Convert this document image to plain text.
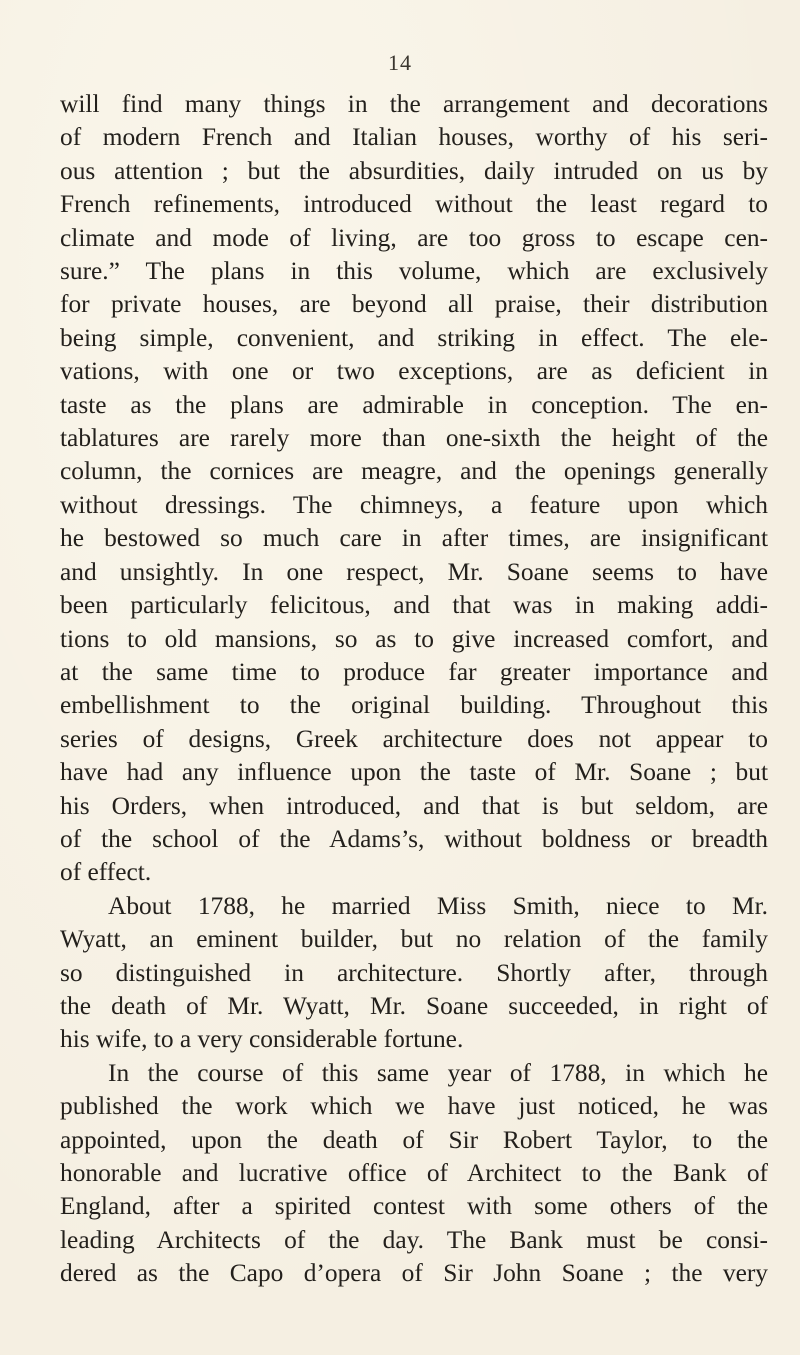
14
will find many things in the arrangement and decorations
of modern French and Italian houses, worthy of his seri-
ous attention ; but the absurdities, daily intruded on us by
French refinements, introduced without the least regard to
climate and mode of living, are too gross to escape cen-
sure.” The plans in this volume, which are exclusively
for private houses, are beyond all praise, their distribution
being simple, convenient, and striking in effect. The ele-
vations, with one or two exceptions, are as deficient in
taste as the plans are admirable in conception. The en-
tablatures are rarely more than one-sixth the height of the
column, the cornices are meagre, and the openings generally
without dressings. The chimneys, a feature upon which
he bestowed so much care in after times, are insignificant
and unsightly. In one respect, Mr. Soane seems to have
been particularly felicitous, and that was in making addi-
tions to old mansions, so as to give increased comfort, and
at the same time to produce far greater importance and
embellishment to the original building. Throughout this
series of designs, Greek architecture does not appear to
have had any influence upon the taste of Mr. Soane ; but
his Orders, when introduced, and that is but seldom, are
of the school of the Adams’s, without boldness or breadth
of effect.
About 1788, he married Miss Smith, niece to Mr.
Wyatt, an eminent builder, but no relation of the family
so distinguished in architecture. Shortly after, through
the death of Mr. Wyatt, Mr. Soane succeeded, in right of
his wife, to a very considerable fortune.
In the course of this same year of 1788, in which he
published the work which we have just noticed, he was
appointed, upon the death of Sir Robert Taylor, to the
honorable and lucrative office of Architect to the Bank of
England, after a spirited contest with some others of the
leading Architects of the day. The Bank must be consi-
dered as the Capo d’opera of Sir John Soane ; the very
